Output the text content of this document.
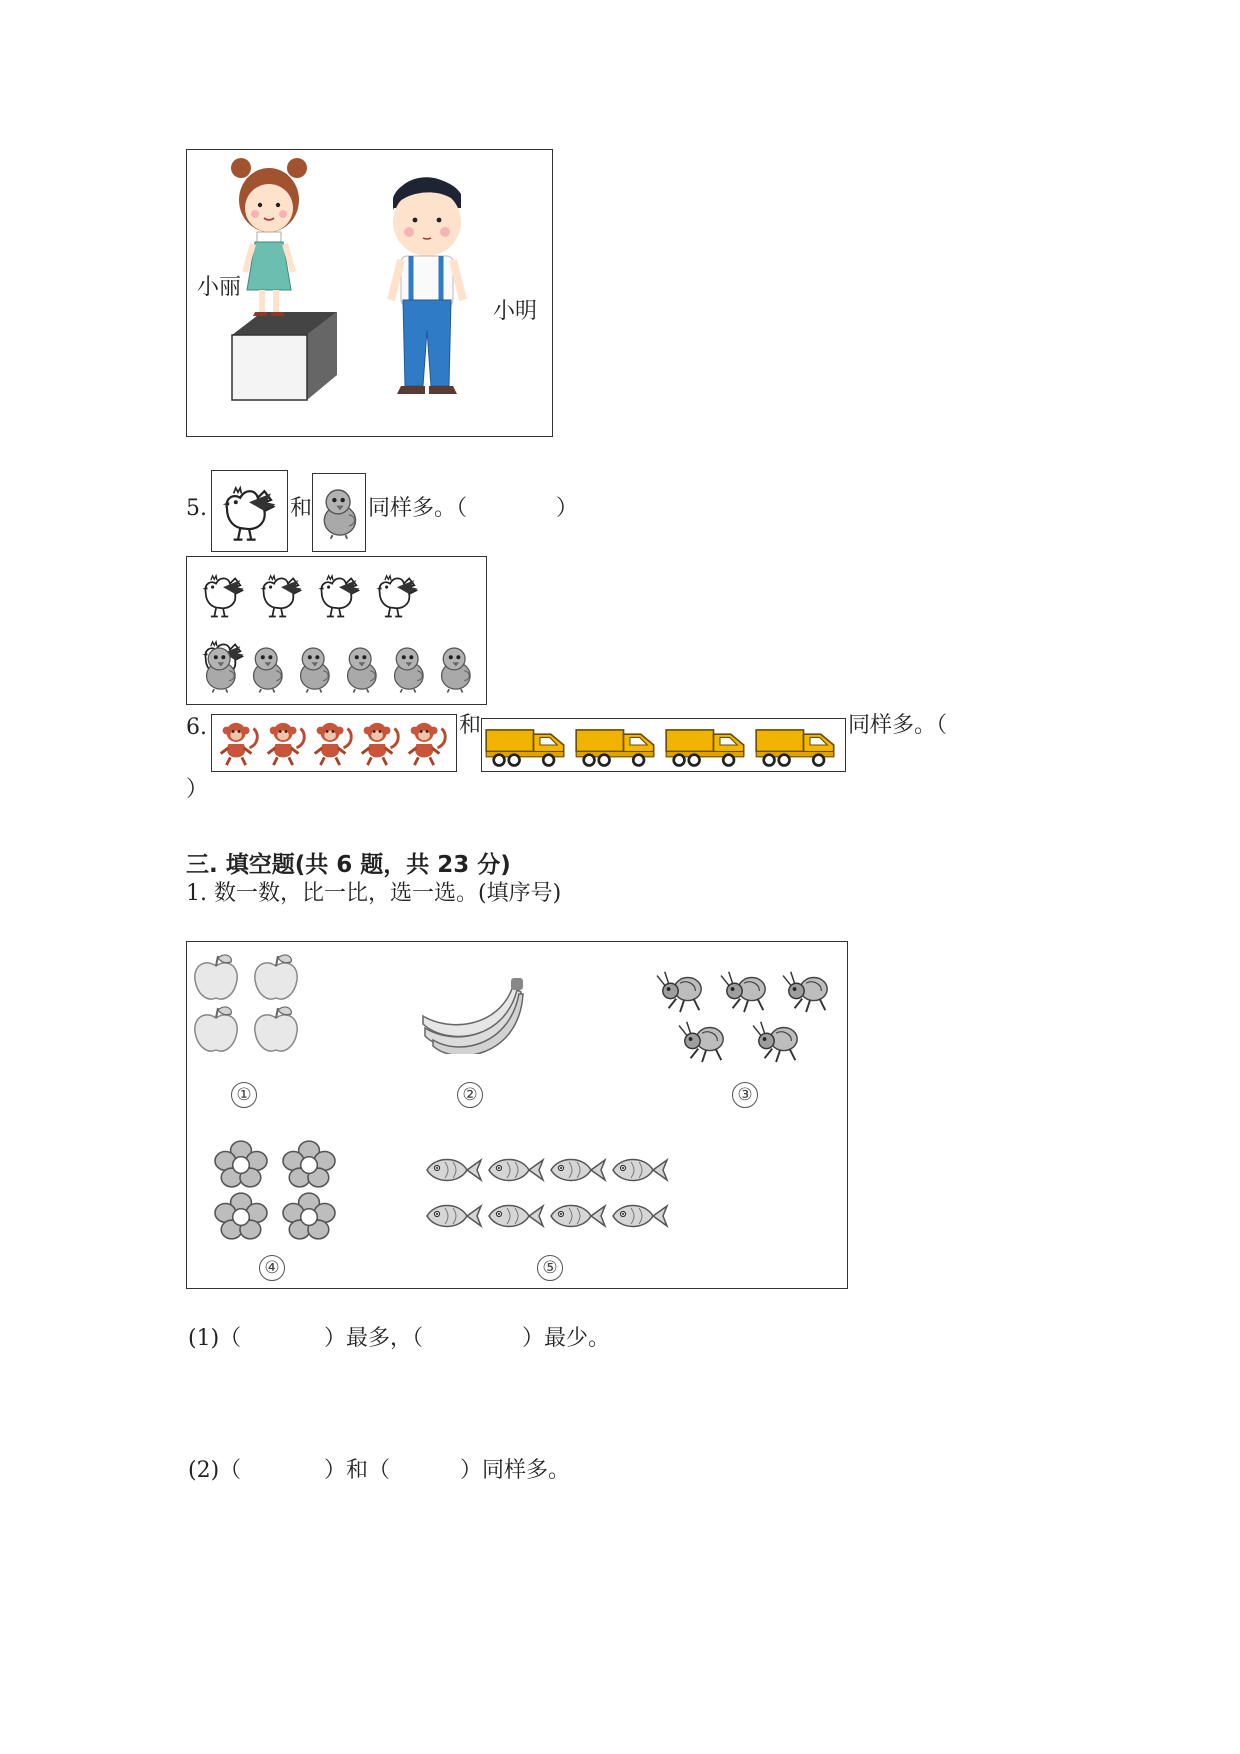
小丽
小明
5.	和	同样多。（	）
6.	和	同样多。（
）
三. 填空题(共 6 题，共 23 分)
1. 数一数，比一比，选一选。(填序号)
①	②	③
④	⑤
(1)（	）最多，（	）最少。
(2)（	）和（	）同样多。
